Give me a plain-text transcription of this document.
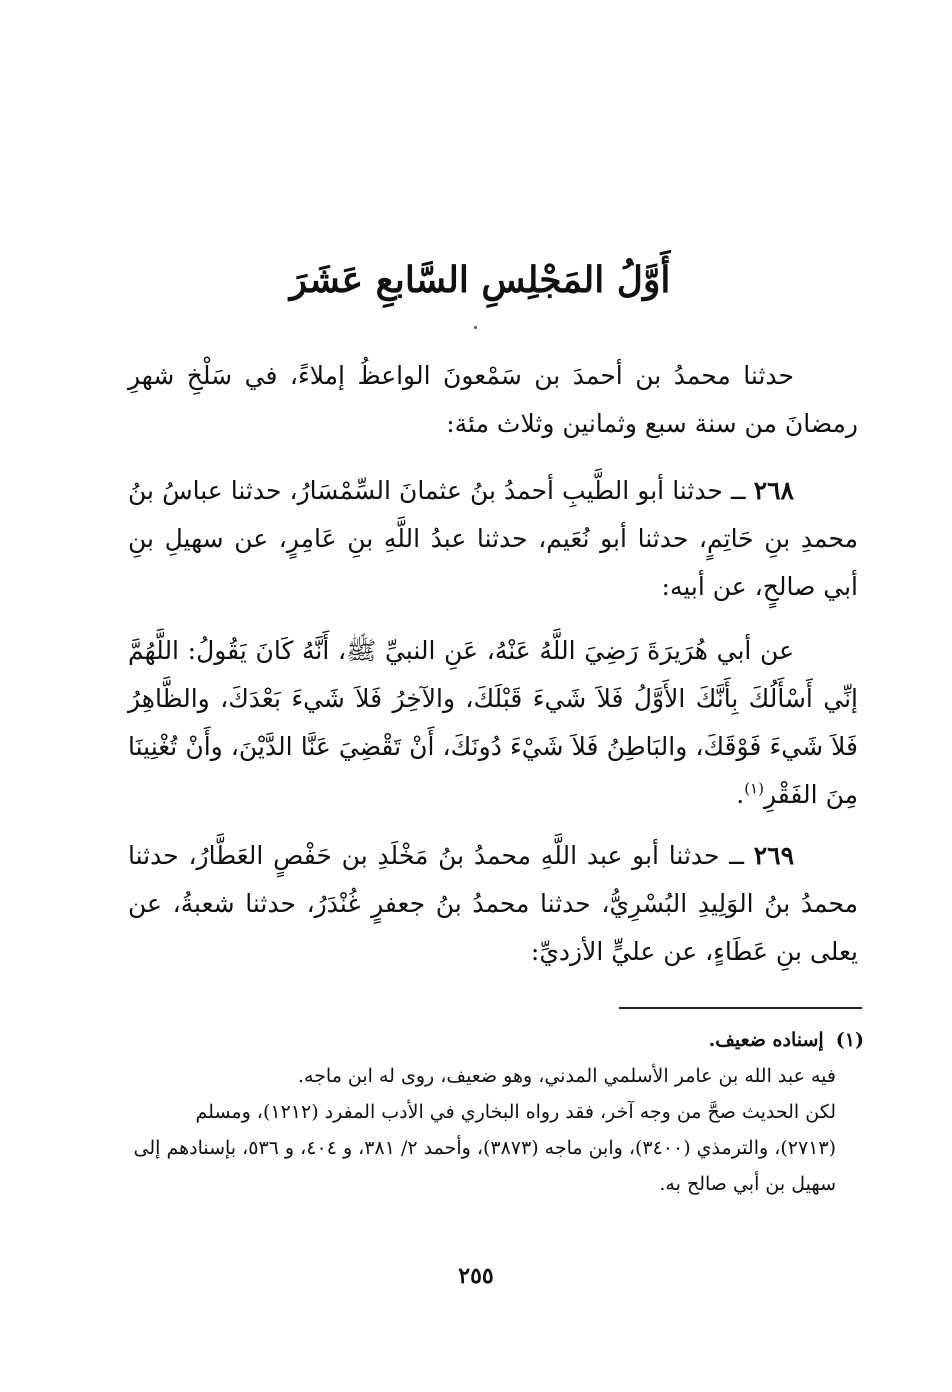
أَوَّلُ المَجْلِسِ السَّابعِ عَشَرَ

حدثنا محمدُ بن أحمدَ بن سَمْعونَ الواعظُ إملاءً، في سَلْخِ شهرِ رمضانَ من سنة سبع وثمانين وثلاث مئة:

٢٦٨ ــ حدثنا أبو الطَّيبِ أحمدُ بنُ عثمانَ السِّمْسَارُ، حدثنا عباسُ بنُ محمدِ بنِ حَاتِمٍ، حدثنا أبو نُعَيم، حدثنا عبدُ اللَّهِ بنِ عَامِرٍ، عن سهيلِ بنِ أبي صالحٍ، عن أبيه:

عن أبي هُرَيرَةَ رَضِيَ اللَّهُ عَنْهُ، عَنِ النبيِّ ﷺ، أَنَّهُ كَانَ يَقُولُ: اللَّهُمَّ إنِّي أَسْأَلُكَ بِأَنَّكَ الأَوَّلُ فَلاَ شَيءَ قَبْلَكَ، والآخِرُ فَلاَ شَيءَ بَعْدَكَ، والظَّاهِرُ فَلاَ شَيءَ فَوْقَكَ، والبَاطِنُ فَلاَ شَيْءَ دُونَكَ، أَنْ تَقْضِيَ عَنَّا الدَّيْنَ، وأَنْ تُغْنِينَا مِنَ الفَقْرِ$^{(١)}$.

٢٦٩ ــ حدثنا أبو عبد اللَّهِ محمدُ بنُ مَخْلَدِ بن حَفْصٍ العَطَّارُ، حدثنا محمدُ بنُ الوَلِيدِ البُسْرِيُّ، حدثنا محمدُ بنُ جعفرٍ غُنْدَرُ، حدثنا شعبةُ، عن يعلى بنِ عَطَاءٍ، عن عليٍّ الأزديِّ:

(١)  إسناده ضعيف.
فيه عبد الله بن عامر الأسلمي المدني، وهو ضعيف، روى له ابن ماجه.
لكن الحديث صحَّ من وجه آخر، فقد رواه البخاري في الأدب المفرد (١٢١٢)، ومسلم (٢٧١٣)، والترمذي (٣٤٠٠)، وابن ماجه (٣٨٧٣)، وأحمد ٢/ ٣٨١، و ٤٠٤، و ٥٣٦، بإسنادهم إلى سهيل بن أبي صالح به.
٢٥٥
